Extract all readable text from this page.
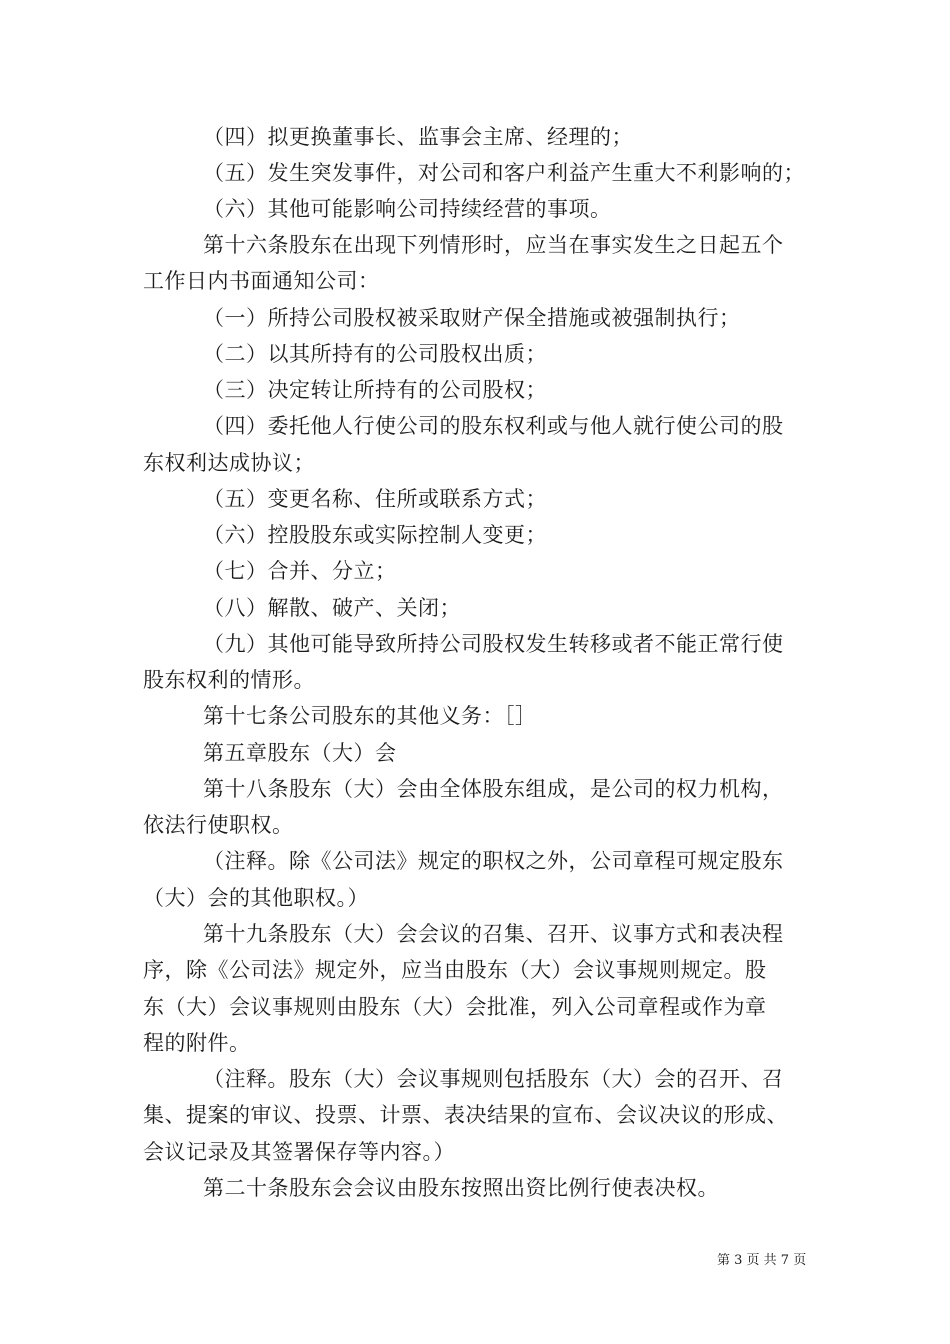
（四）拟更换董事长、监事会主席、经理的；
（五）发生突发事件，对公司和客户利益产生重大不利影响的；
（六）其他可能影响公司持续经营的事项。
第十六条股东在出现下列情形时，应当在事实发生之日起五个
工作日内书面通知公司：
（一）所持公司股权被采取财产保全措施或被强制执行；
（二）以其所持有的公司股权出质；
（三）决定转让所持有的公司股权；
（四）委托他人行使公司的股东权利或与他人就行使公司的股
东权利达成协议；
（五）变更名称、住所或联系方式；
（六）控股股东或实际控制人变更；
（七）合并、分立；
（八）解散、破产、关闭；
（九）其他可能导致所持公司股权发生转移或者不能正常行使
股东权利的情形。
第十七条公司股东的其他义务：［］
第五章股东（大）会
第十八条股东（大）会由全体股东组成，是公司的权力机构，
依法行使职权。
（注释。除《公司法》规定的职权之外，公司章程可规定股东
（大）会的其他职权。）
第十九条股东（大）会会议的召集、召开、议事方式和表决程
序，除《公司法》规定外，应当由股东（大）会议事规则规定。股
东（大）会议事规则由股东（大）会批准，列入公司章程或作为章
程的附件。
（注释。股东（大）会议事规则包括股东（大）会的召开、召
集、提案的审议、投票、计票、表决结果的宣布、会议决议的形成、
会议记录及其签署保存等内容。）
第二十条股东会会议由股东按照出资比例行使表决权。
第 3 页 共 7 页
